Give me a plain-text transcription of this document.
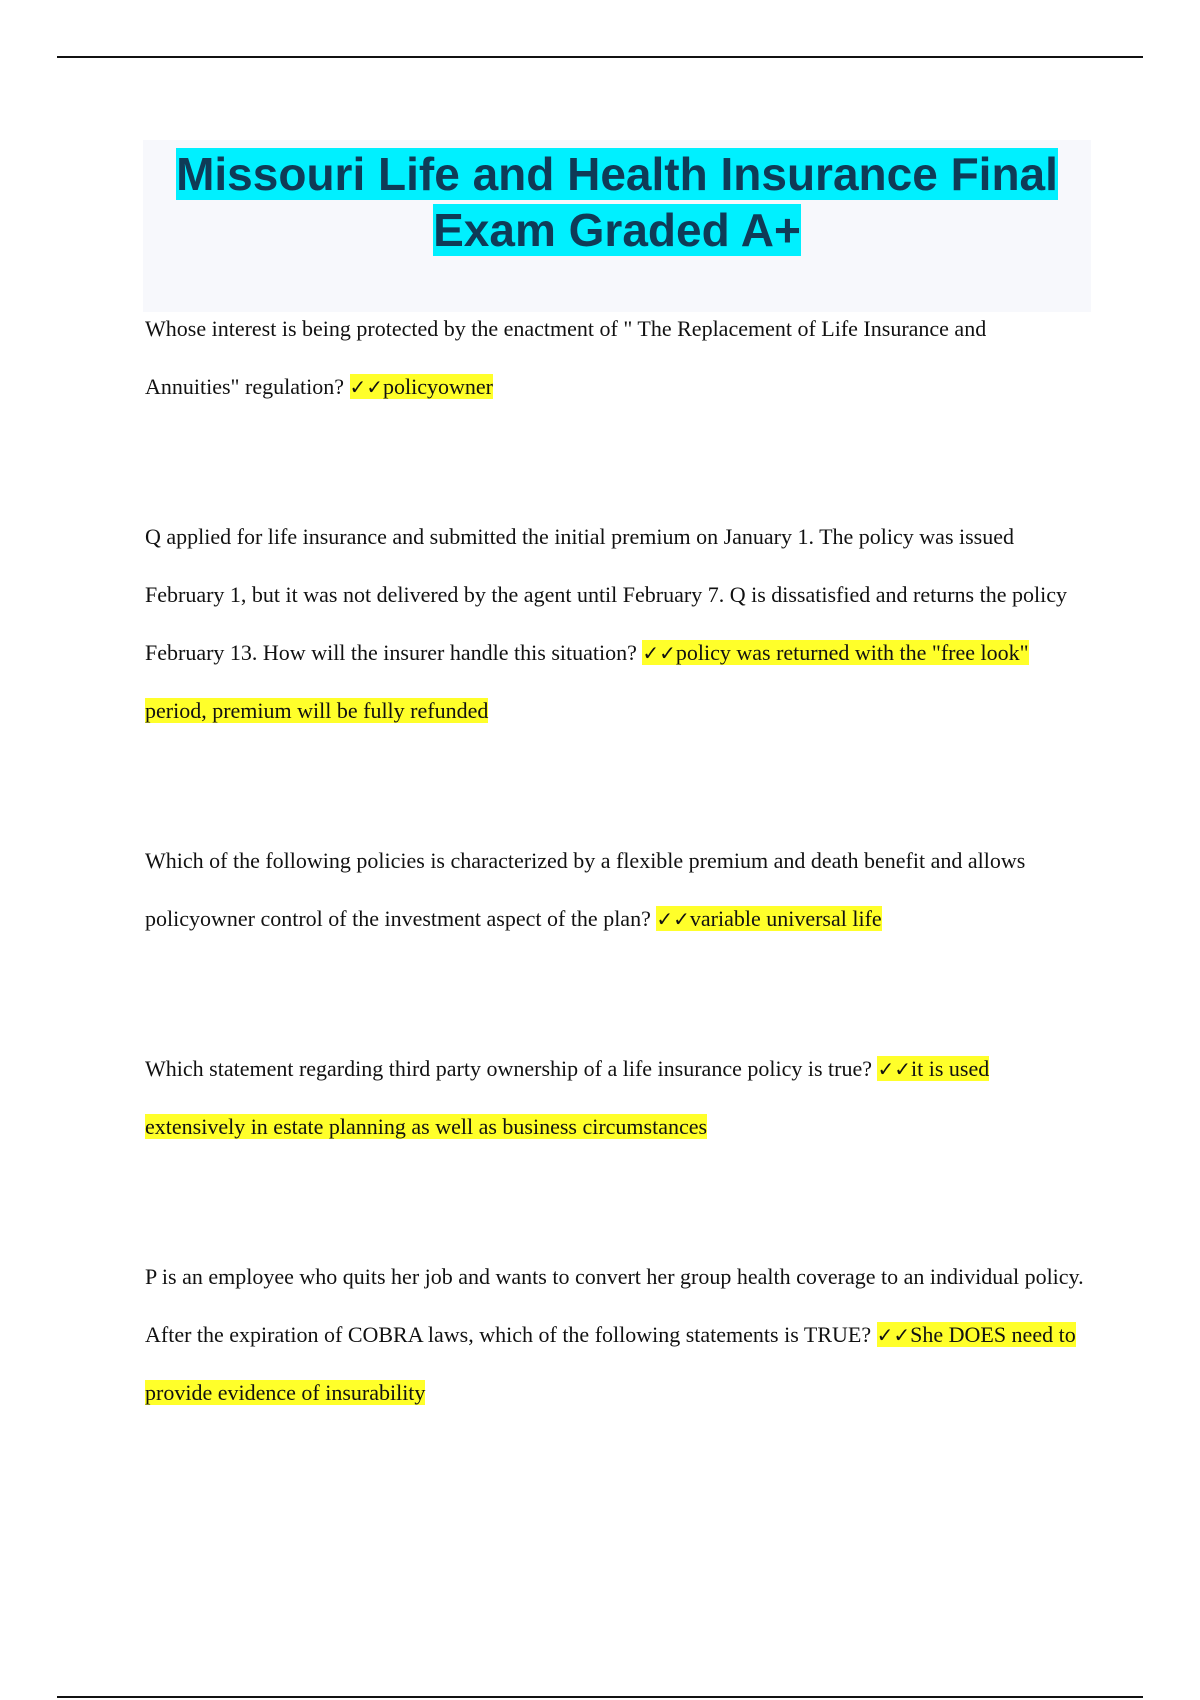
Missouri Life and Health Insurance Final Exam Graded A+

Whose interest is being protected by the enactment of " The Replacement of Life Insurance and Annuities" regulation? ✓✓policyowner

Q applied for life insurance and submitted the initial premium on January 1. The policy was issued February 1, but it was not delivered by the agent until February 7. Q is dissatisfied and returns the policy February 13. How will the insurer handle this situation? ✓✓policy was returned with the "free look" period, premium will be fully refunded

Which of the following policies is characterized by a flexible premium and death benefit and allows policyowner control of the investment aspect of the plan? ✓✓variable universal life

Which statement regarding third party ownership of a life insurance policy is true? ✓✓it is used extensively in estate planning as well as business circumstances

P is an employee who quits her job and wants to convert her group health coverage to an individual policy. After the expiration of COBRA laws, which of the following statements is TRUE? ✓✓She DOES need to provide evidence of insurability
